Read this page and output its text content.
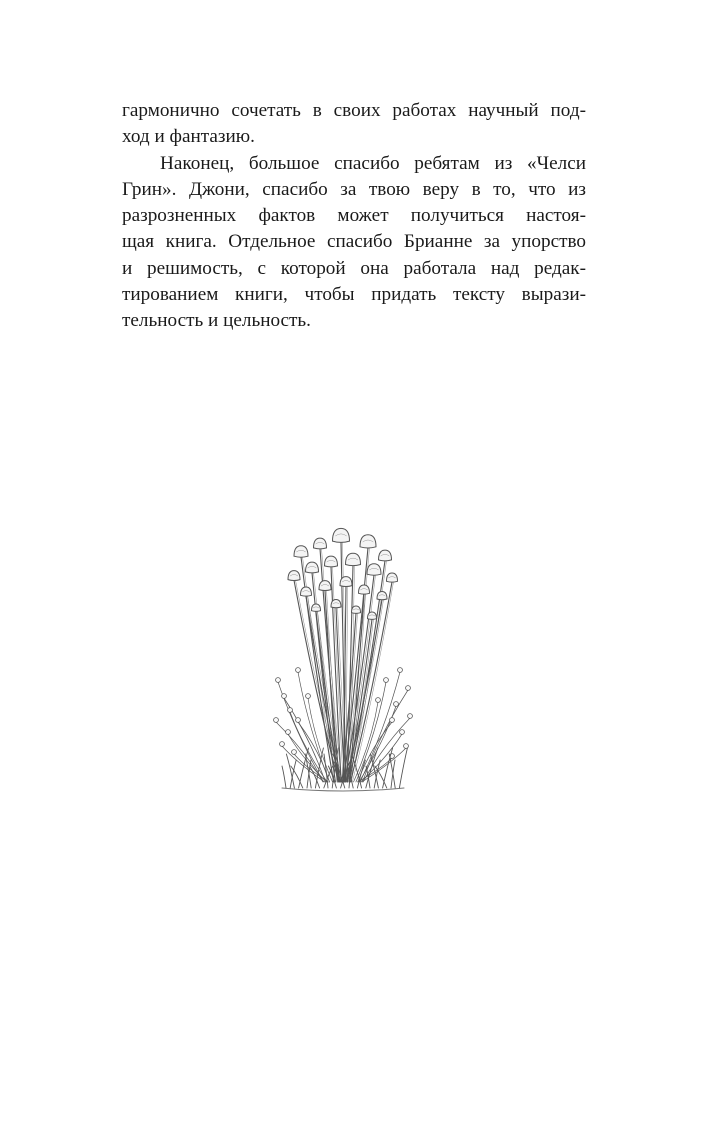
гармонично сочетать в своих работах научный под-
ход и фантазию.
Наконец, большое спасибо ребятам из «Челси
Грин». Джони, спасибо за твою веру в то, что из
разрозненных фактов может получиться настоя-
щая книга. Отдельное спасибо Брианне за упорство
и решимость, с которой она работала над редак-
тированием книги, чтобы придать тексту вырази-
тельность и цельность.
